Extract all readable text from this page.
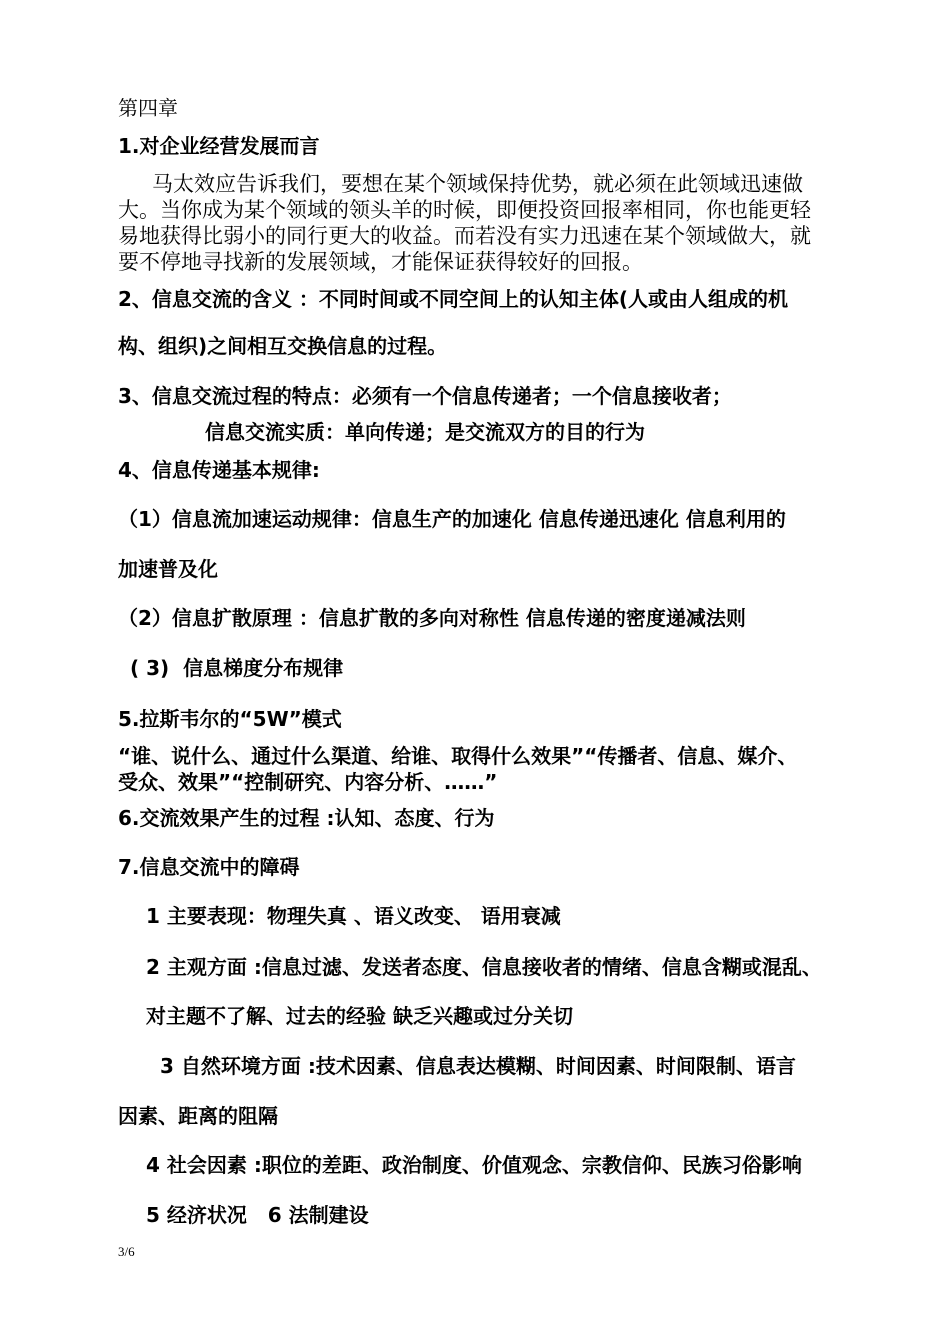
第四章
1.对企业经营发展而言
马太效应告诉我们，要想在某个领域保持优势，就必须在此领域迅速做
大。当你成为某个领域的领头羊的时候，即便投资回报率相同，你也能更轻
易地获得比弱小的同行更大的收益。而若没有实力迅速在某个领域做大，就
要不停地寻找新的发展领域，才能保证获得较好的回报。
2、信息交流的含义 ：不同时间或不同空间上的认知主体(人或由人组成的机
构、组织)之间相互交换信息的过程。
3、信息交流过程的特点：必须有一个信息传递者；一个信息接收者；
信息交流实质：单向传递；是交流双方的目的行为
4、信息传递基本规律:
（1）信息流加速运动规律：信息生产的加速化 信息传递迅速化 信息利用的
加速普及化
（2）信息扩散原理 ：信息扩散的多向对称性 信息传递的密度递减法则
( 3)  信息梯度分布规律
5.拉斯韦尔的“5W”模式
“谁、说什么、通过什么渠道、给谁、取得什么效果”“传播者、信息、媒介、
受众、效果”“控制研究、内容分析、……”
6.交流效果产生的过程 :认知、态度、行为
7.信息交流中的障碍
1 主要表现：物理失真 、语义改变、 语用衰减
2 主观方面 :信息过滤、发送者态度、信息接收者的情绪、信息含糊或混乱、
对主题不了解、过去的经验 缺乏兴趣或过分关切
3 自然环境方面 :技术因素、信息表达模糊、时间因素、时间限制、语言
因素、距离的阻隔
4 社会因素 :职位的差距、政治制度、价值观念、宗教信仰、民族习俗影响
5 经济状况   6 法制建设
3/6
